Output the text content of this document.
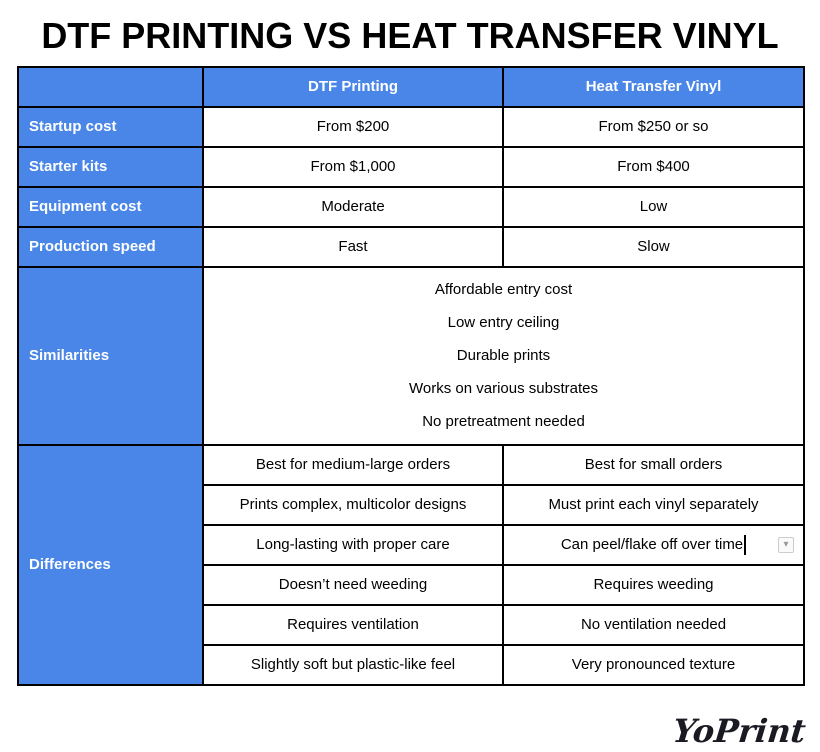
DTF PRINTING VS HEAT TRANSFER VINYL
	DTF Printing	Heat Transfer Vinyl
Startup cost	From $200	From $250 or so
Starter kits	From $1,000	From $400
Equipment cost	Moderate	Low
Production speed	Fast	Slow
Similarities	Affordable entry cost
Low entry ceiling
Durable prints
Works on various substrates
No pretreatment needed	

Differences	Best for medium-large orders	Best for small orders
	Prints complex, multicolor designs	Must print each vinyl separately
	Long-lasting with proper care	Can peel/flake off over time ▾

	Doesn’t need weeding	Requires weeding
	Requires ventilation	No ventilation needed
	Slightly soft but plastic-like feel	Very pronounced texture
YoPrint
